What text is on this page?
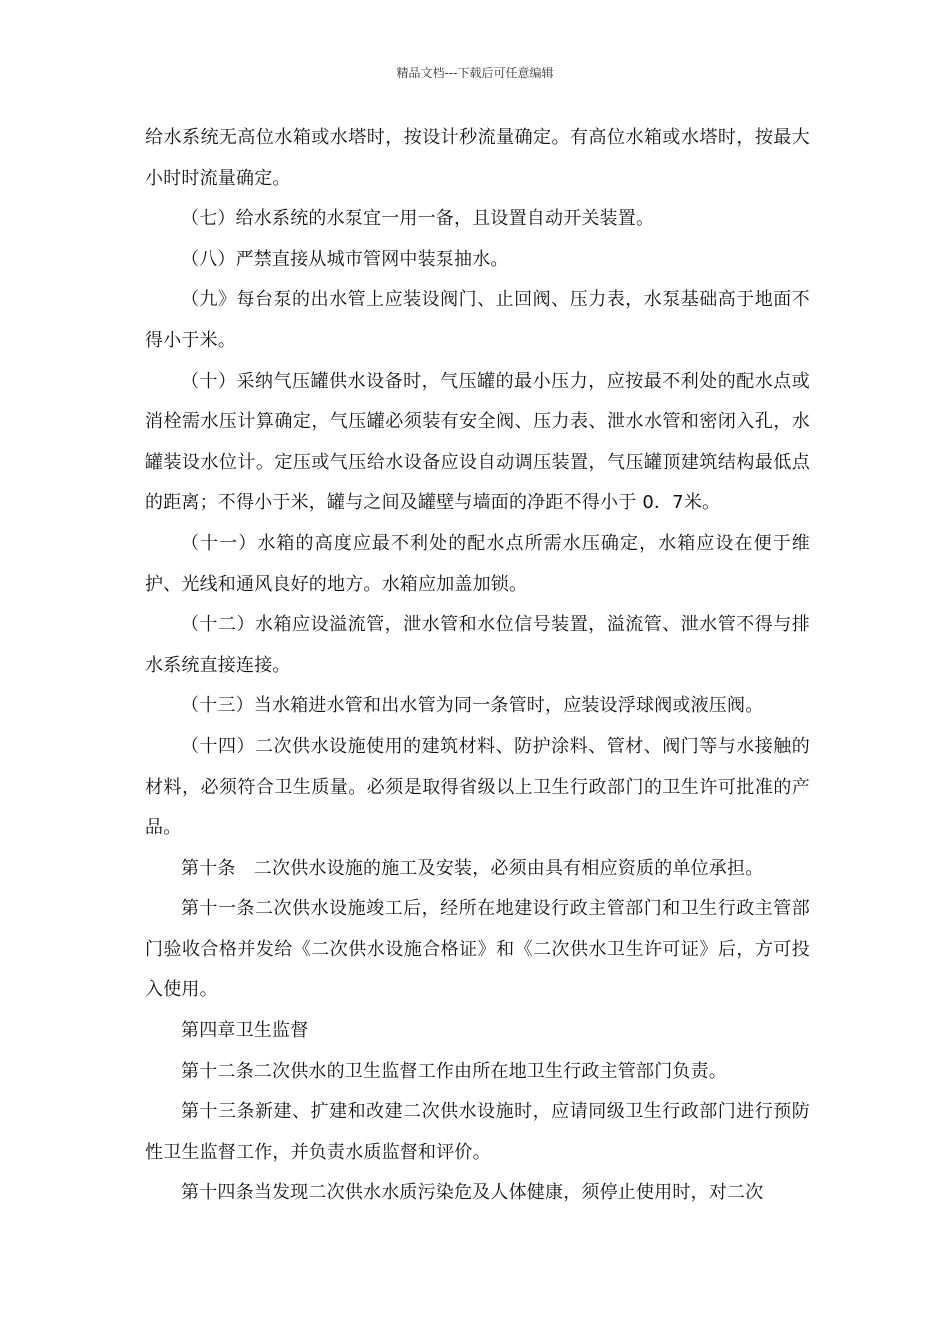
精品文档---下载后可任意编辑

给水系统无高位水箱或水塔时，按设计秒流量确定。有高位水箱或水塔时，按最大小时时流量确定。

（七）给水系统的水泵宜一用一备，且设置自动开关装置。

（八）严禁直接从城市管网中装泵抽水。

（九》每台泵的出水管上应装设阀门、止回阀、压力表，水泵基础高于地面不得小于米。

（十）采纳气压罐供水设备时，气压罐的最小压力，应按最不利处的配水点或消栓需水压计算确定，气压罐必须装有安全阀、压力表、泄水水管和密闭入孔，水罐装设水位计。定压或气压给水设备应设自动调压装置，气压罐顶建筑结构最低点的距离；不得小于米，罐与之间及罐壁与墙面的净距不得小于 0．7米。

（十一）水箱的高度应最不利处的配水点所需水压确定，水箱应设在便于维护、光线和通风良好的地方。水箱应加盖加锁。

（十二）水箱应设溢流管，泄水管和水位信号装置，溢流管、泄水管不得与排水系统直接连接。

（十三）当水箱进水管和出水管为同一条管时，应装设浮球阀或液压阀。

（十四）二次供水设施使用的建筑材料、防护涂料、管材、阀门等与水接触的材料，必须符合卫生质量。必须是取得省级以上卫生行政部门的卫生许可批准的产品。

第十条　二次供水设施的施工及安装，必须由具有相应资质的单位承担。

第十一条二次供水设施竣工后，经所在地建设行政主管部门和卫生行政主管部门验收合格并发给《二次供水设施合格证》和《二次供水卫生许可证》后，方可投入使用。

第四章卫生监督

第十二条二次供水的卫生监督工作由所在地卫生行政主管部门负责。

第十三条新建、扩建和改建二次供水设施时，应请同级卫生行政部门进行预防性卫生监督工作，并负责水质监督和评价。

第十四条当发现二次供水水质污染危及人体健康，须停止使用时，对二次
